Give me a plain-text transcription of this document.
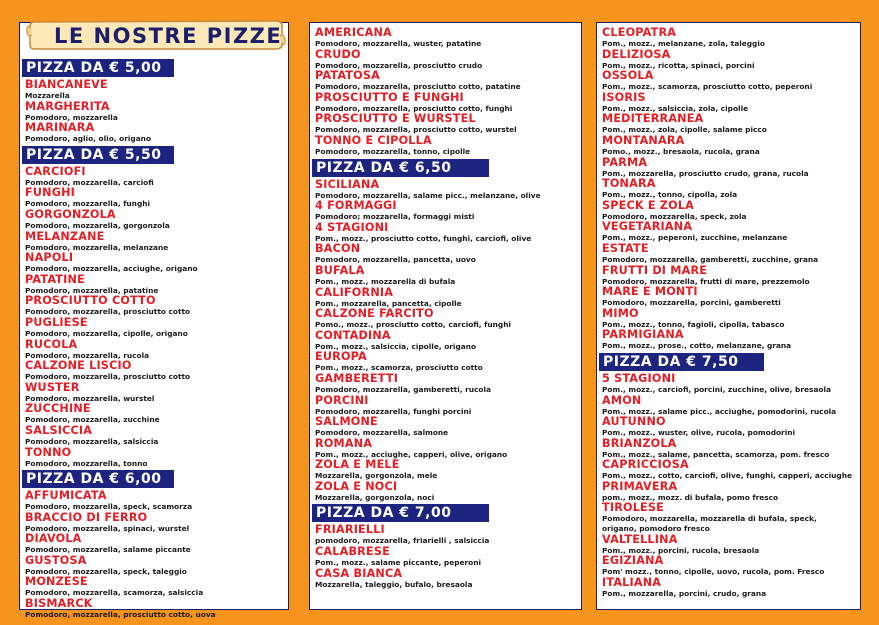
PIZZA DA € 5,00
BIANCANEVE
Mozzarella
MARGHERITA
Pomodoro, mozzarella
MARINARA
Pomodoro, aglio, olio, origano
PIZZA DA € 5,50
CARCIOFI
Pomodoro, mozzarella, carciofi
FUNGHI
Pomodoro, mozzarella, funghi
GORGONZOLA
Pomodoro, mozzarella, gorgonzola
MELANZANE
Pomodoro, mozzarella, melanzane
NAPOLI
Pomodoro, mozzarella, acciughe, origano
PATATINE
Pomodoro, mozzarella, patatine
PROSCIUTTO COTTO
Pomodoro, mozzarella, prosciutto cotto
PUGLIESE
Pomodoro, mozzarella, cipolle, origano
RUCOLA
Pomodoro, mozzarella, rucola
CALZONE LISCIO
Pomodoro, mozzarella, prosciutto cotto
WUSTER
Pomodoro, mozzarella, wurstel
ZUCCHINE
Pomodoro, mozzarella, zucchine
SALSICCIA
Pomodoro, mozzarella, salsiccia
TONNO
Pomodoro, mozzarella, tonno
PIZZA DA € 6,00
AFFUMICATA
Pomodoro, mozzarella, speck, scamorza
BRACCIO DI FERRO
Pomodoro, mozzarella, spinaci, wurstel
DIAVOLA
Pomodoro, mozzarella, salame piccante
GUSTOSA
Pomodoro, mozzarella, speck, taleggio
MONZESE
Pomodoro, mozzarella, scamorza, salsiccia
BISMARCK
Pomodoro, mozzarella, prosciutto cotto, uova
AMERICANA
Pomodoro, mozzarella, wuster, patatine
CRUDO
Pomodoro, mozzarella, prosciutto crudo
PATATOSA
Pomodoro, mozzarella, prosciutto cotto, patatine
PROSCIUTTO E FUNGHI
Pomodoro, mozzarella, prosciutto cotto, funghi
PROSCIUTTO E WURSTEL
Pomodoro, mozzarella, prosciutto cotto, wurstel
TONNO E CIPOLLA
Pomodoro, mozzarella, tonno, cipolle
PIZZA DA € 6,50
SICILIANA
Pomodoro, mozzarella, salame picc., melanzane, olive
4 FORMAGGI
Pomodoro; mozzarella, formaggi misti
4 STAGIONI
Pom., mozz., prosciutto cotto, funghi, carciofi, olive
BACON
Pomodoro, mozzarella, pancetta, uovo
BUFALA
Pom., mozz., mozzarella di bufala
CALIFORNIA
Pom., mozzarella, pancetta, cipolle
CALZONE FARCITO
Pomo., mozz., prosciutto cotto, carciofi, funghi
CONTADINA
Pom., mozz., salsiccia, cipolle, origano
EUROPA
Pom., mozz., scamorza, prosciutto cotto
GAMBERETTI
Pomodoro, mozzarella, gamberetti, rucola
PORCINI
Pomodoro, mozzarella, funghi porcini
SALMONE
Pomodoro, mozzarella, salmone
ROMANA
Pom., mozz., acciughe, capperi, olive, origano
ZOLA E MELE
Mozzarella, gorgonzola, mele
ZOLA E NOCI
Mozzarella, gorgonzola, noci
PIZZA DA € 7,00
FRIARIELLI
pomodoro, mozzarella, friarielli , salsiccia
CALABRESE
Pom., mozz., salame piccante, peperoni
CASA BIANCA
Mozzarella, taleggio, bufalo, bresaola
CLEOPATRA
Pom., mozz., melanzane, zola, taleggio
DELIZIOSA
Pom., mozz., ricotta, spinaci, porcini
OSSOLA
Pom., mozz., scamorza, prosciutto cotto, peperoni
ISORIS
Pom., mozz., salsiccia, zola, cipolle
MEDITERRANEA
Pom., mozz., zola, cipolle, salame picco
MONTANARA
Pomo., mozz., bresaola, rucola, grana
PARMA
Pom., mozzarella, prosciutto crudo, grana, rucola
TONARA
Pom., mozz., tonno, cipolla, zola
SPECK E ZOLA
Pomodoro, mozzarella, speck, zola
VEGETARIANA
Pom., mozz., peperoni, zucchine, melanzane
ESTATE
Pomodoro, mozzarella, gamberetti, zucchine, grana
FRUTTI DI MARE
Pomodoro, mozzarella, frutti di mare, prezzemolo
MARE E MONTI
Pomodoro, mozzarella, porcini, gamberetti
MIMO
Pom., mozz., tonno, fagioli, cipolla, tabasco
PARMIGIANA
Pom., mozz., prose., cotto, melanzane, grana
PIZZA DA € 7,50
5 STAGIONI
Pom., mozz., carciofi, porcini, zucchine, olive, bresaola
AMON
Pom., mozz., salame picc., acciughe, pomodorini, rucola
AUTUNNO
Pom., mozz., wuster, olive, rucola, pomodorini
BRIANZOLA
Pom., mozz., salame, pancetta, scamorza, pom. fresco
CAPRICCIOSA
Pom., mozz., cotto, carciofi, olive, funghi, capperi, acciughe
PRIMAVERA
pom., mozz., mozz. di bufala, pomo fresco
TIROLESE
Pomodoro, mozzarella, mozzarella di bufala, speck,
origano, pomodoro fresco
VALTELLINA
Pom., mozz., porcini, rucola, bresaola
EGIZIANA
Pom' mozz., tonno, cipolle, uovo, rucola, pom. Fresco
ITALIANA
Pom., mozzarella, porcini, crudo, grana
LE NOSTRE PIZZE
